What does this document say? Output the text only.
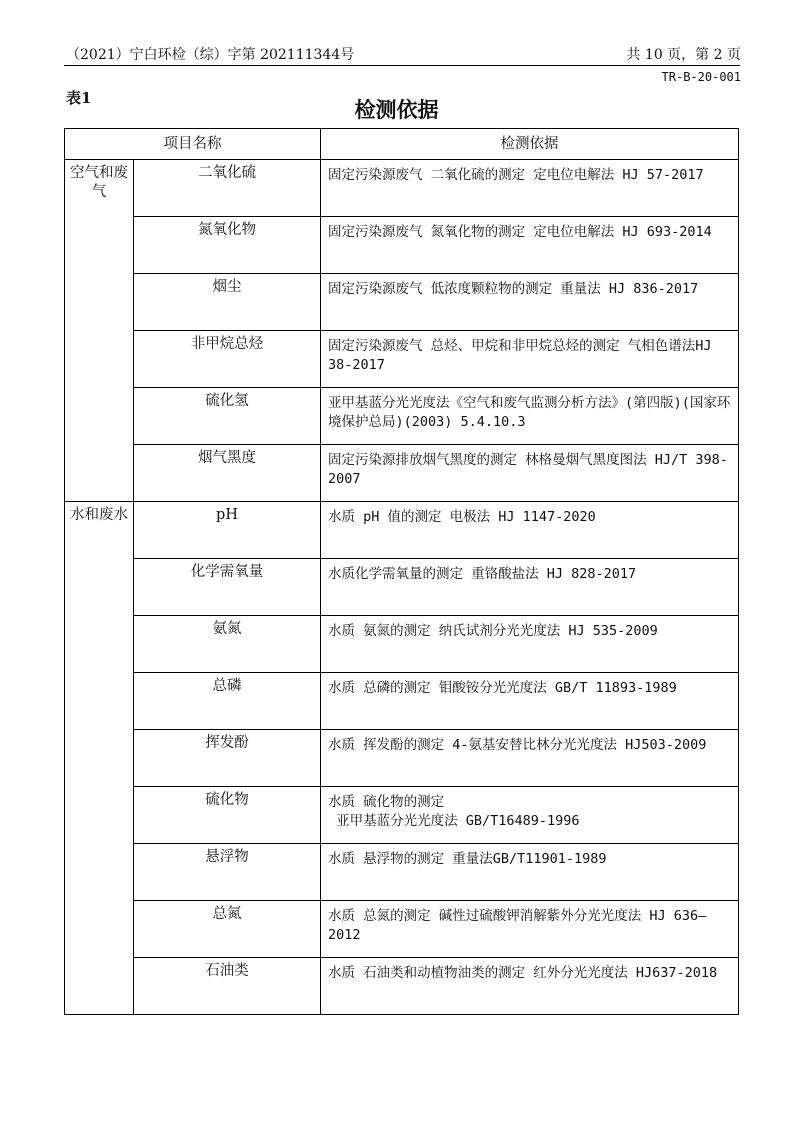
（2021）宁白环检（综）字第 202111344号	共 10 页，第 2 页
TR-B-20-001
表1	检测依据
项目名称		检测依据
空气和废气	二氧化硫	固定污染源废气 二氧化硫的测定 定电位电解法 HJ 57-2017
	氮氧化物	固定污染源废气 氮氧化物的测定 定电位电解法 HJ 693-2014
	烟尘	固定污染源废气 低浓度颗粒物的测定 重量法 HJ 836-2017
	非甲烷总烃	固定污染源废气 总烃、甲烷和非甲烷总烃的测定 气相色谱法HJ 38-2017
	硫化氢	亚甲基蓝分光光度法《空气和废气监测分析方法》(第四版)(国家环境保护总局)(2003) 5.4.10.3
	烟气黑度	固定污染源排放烟气黑度的测定 林格曼烟气黑度图法 HJ/T 398-2007
水和废水	pH	水质 pH 值的测定 电极法 HJ 1147-2020
	化学需氧量	水质化学需氧量的测定 重铬酸盐法 HJ 828-2017
	氨氮	水质 氨氮的测定 纳氏试剂分光光度法 HJ 535-2009
	总磷	水质 总磷的测定 钼酸铵分光光度法 GB/T 11893-1989
	挥发酚	水质 挥发酚的测定 4-氨基安替比林分光光度法 HJ503-2009
	硫化物	水质 硫化物的测定
亚甲基蓝分光光度法 GB/T16489-1996
	悬浮物	水质 悬浮物的测定 重量法GB/T11901-1989
	总氮	水质 总氮的测定 碱性过硫酸钾消解紫外分光光度法 HJ 636—2012
	石油类	水质 石油类和动植物油类的测定 红外分光光度法 HJ637-2018
